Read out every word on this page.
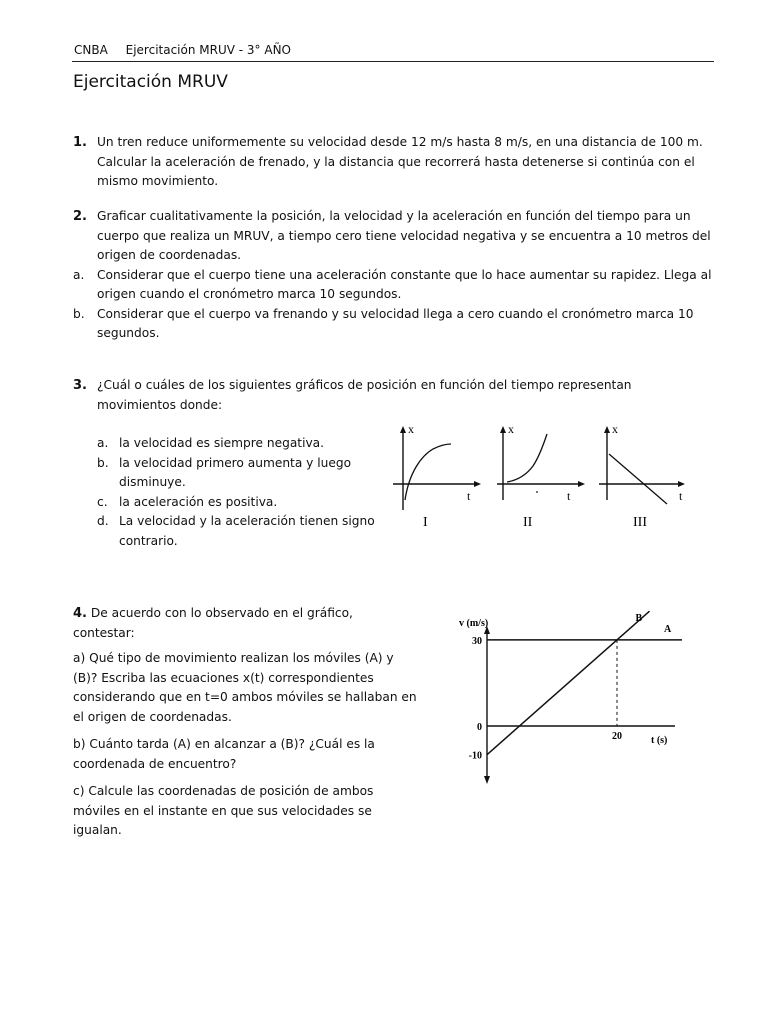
CNBA Ejercitación MRUV - 3° AÑO
Ejercitación MRUV
1. Un tren reduce uniformemente su velocidad desde 12 m/s hasta 8 m/s, en una distancia de 100 m. Calcular la aceleración de frenado, y la distancia que recorrerá hasta detenerse si continúa con el mismo movimiento.
2. Graficar cualitativamente la posición, la velocidad y la aceleración en función del tiempo para un cuerpo que realiza un MRUV, a tiempo cero tiene velocidad negativa y se encuentra a 10 metros del origen de coordenadas.
a. Considerar que el cuerpo tiene una aceleración constante que lo hace aumentar su rapidez. Llega al origen cuando el cronómetro marca 10 segundos.
b. Considerar que el cuerpo va frenando y su velocidad llega a cero cuando el cronómetro marca 10 segundos.
3. ¿Cuál o cuáles de los siguientes gráficos de posición en función del tiempo representan movimientos donde:
a. la velocidad es siempre negativa.
b. la velocidad primero aumenta y luego disminuye.
c. la aceleración es positiva.
d. La velocidad y la aceleración tienen signo contrario.
x
t
x
t
x
t
I	II	III
4. De acuerdo con lo observado en el gráfico, contestar:
a) Qué tipo de movimiento realizan los móviles (A) y (B)? Escriba las ecuaciones x(t) correspondientes considerando que en t=0 ambos móviles se hallaban en el origen de coordenadas.
b) Cuánto tarda (A) en alcanzar a (B)? ¿Cuál es la coordenada de encuentro?
c) Calcule las coordenadas de posición de ambos móviles en el instante en que sus velocidades se igualan.
v (m/s)
t (s)
A
B
30
0
-10
20
